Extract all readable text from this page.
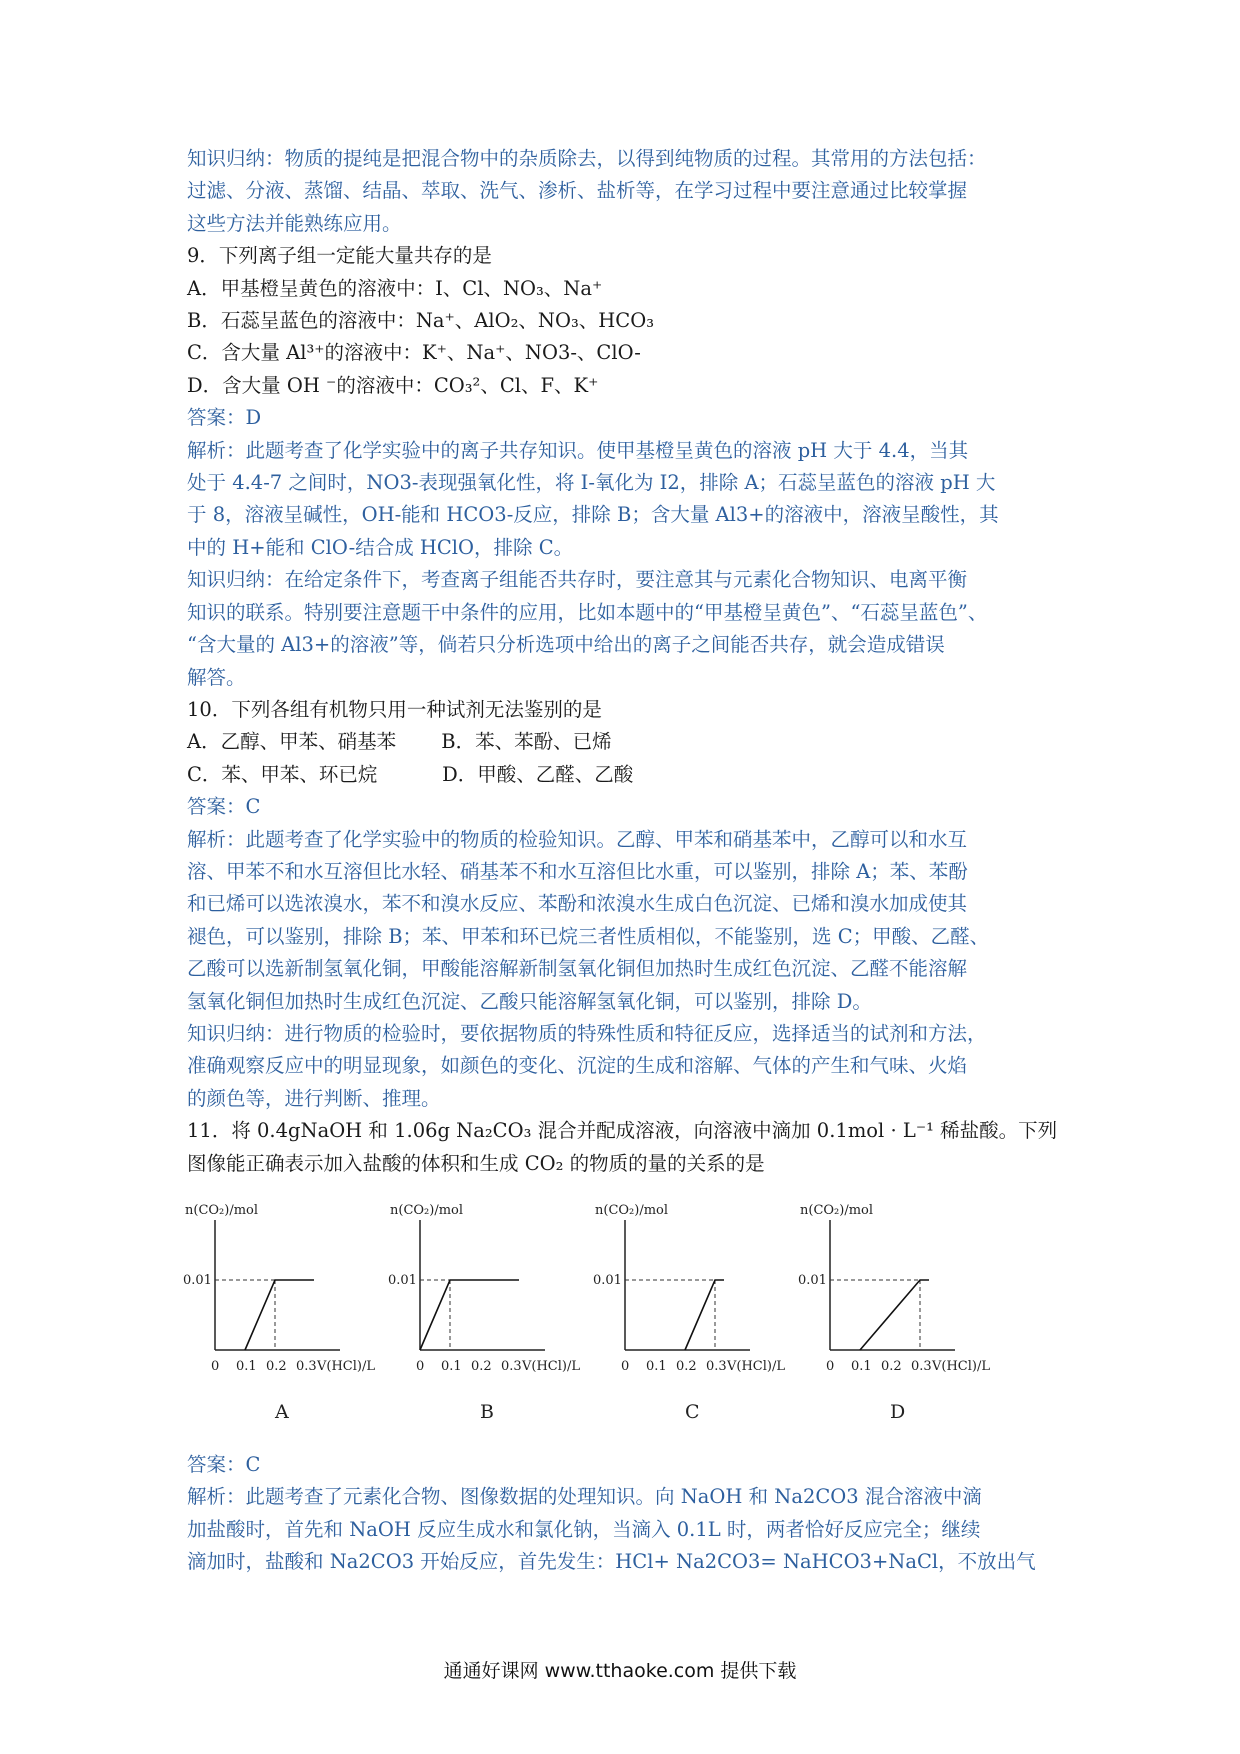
知识归纳：物质的提纯是把混合物中的杂质除去，以得到纯物质的过程。其常用的方法包括：
过滤、分液、蒸馏、结晶、萃取、洗气、渗析、盐析等，在学习过程中要注意通过比较掌握
这些方法并能熟练应用。
9．下列离子组一定能大量共存的是
A．甲基橙呈黄色的溶液中：I、Cl、NO₃、Na⁺
B．石蕊呈蓝色的溶液中：Na⁺、AlO₂、NO₃、HCO₃
C．含大量 Al³⁺的溶液中：K⁺、Na⁺、NO3-、ClO-
D．含大量 OH ⁻的溶液中：CO₃²、Cl、F、K⁺
答案：D
解析：此题考查了化学实验中的离子共存知识。使甲基橙呈黄色的溶液 pH 大于 4.4，当其
处于 4.4-7 之间时，NO3-表现强氧化性，将 I-氧化为 I2，排除 A；石蕊呈蓝色的溶液 pH 大
于 8，溶液呈碱性，OH-能和 HCO3-反应，排除 B；含大量 Al3+的溶液中，溶液呈酸性，其
中的 H+能和 ClO-结合成 HClO，排除 C。
知识归纳：在给定条件下，考查离子组能否共存时，要注意其与元素化合物知识、电离平衡
知识的联系。特别要注意题干中条件的应用，比如本题中的“甲基橙呈黄色”、“石蕊呈蓝色”、
“含大量的 Al3+的溶液”等，倘若只分析选项中给出的离子之间能否共存，就会造成错误
解答。
10．下列各组有机物只用一种试剂无法鉴别的是
A．乙醇、甲苯、硝基苯　　 B．苯、苯酚、已烯
C．苯、甲苯、环已烷　　　 D．甲酸、乙醛、乙酸
答案：C
解析：此题考查了化学实验中的物质的检验知识。乙醇、甲苯和硝基苯中，乙醇可以和水互
溶、甲苯不和水互溶但比水轻、硝基苯不和水互溶但比水重，可以鉴别，排除 A；苯、苯酚
和已烯可以选浓溴水，苯不和溴水反应、苯酚和浓溴水生成白色沉淀、已烯和溴水加成使其
褪色，可以鉴别，排除 B；苯、甲苯和环已烷三者性质相似，不能鉴别，选 C；甲酸、乙醛、
乙酸可以选新制氢氧化铜，甲酸能溶解新制氢氧化铜但加热时生成红色沉淀、乙醛不能溶解
氢氧化铜但加热时生成红色沉淀、乙酸只能溶解氢氧化铜，可以鉴别，排除 D。
知识归纳：进行物质的检验时，要依据物质的特殊性质和特征反应，选择适当的试剂和方法，
准确观察反应中的明显现象，如颜色的变化、沉淀的生成和溶解、气体的产生和气味、火焰
的颜色等，进行判断、推理。
11．将 0.4gNaOH 和 1.06g Na₂CO₃ 混合并配成溶液，向溶液中滴加 0.1mol · L⁻¹ 稀盐酸。下列
图像能正确表示加入盐酸的体积和生成 CO₂ 的物质的量的关系的是
n(CO₂)/mol
0.01
0 0.1 0.2 0.3 V(HCl)/L
A
n(CO₂)/mol
0.01
0 0.1 0.2 0.3 V(HCl)/L
B
n(CO₂)/mol
0.01
0 0.1 0.2 0.3 V(HCl)/L
C
n(CO₂)/mol
0.01
0 0.1 0.2 0.3 V(HCl)/L
D
答案：C
解析：此题考查了元素化合物、图像数据的处理知识。向 NaOH 和 Na2CO3 混合溶液中滴
加盐酸时，首先和 NaOH 反应生成水和氯化钠，当滴入 0.1L 时，两者恰好反应完全；继续
滴加时，盐酸和 Na2CO3 开始反应，首先发生：HCl+ Na2CO3= NaHCO3+NaCl，不放出气
通通好课网 www.tthaoke.com 提供下载
